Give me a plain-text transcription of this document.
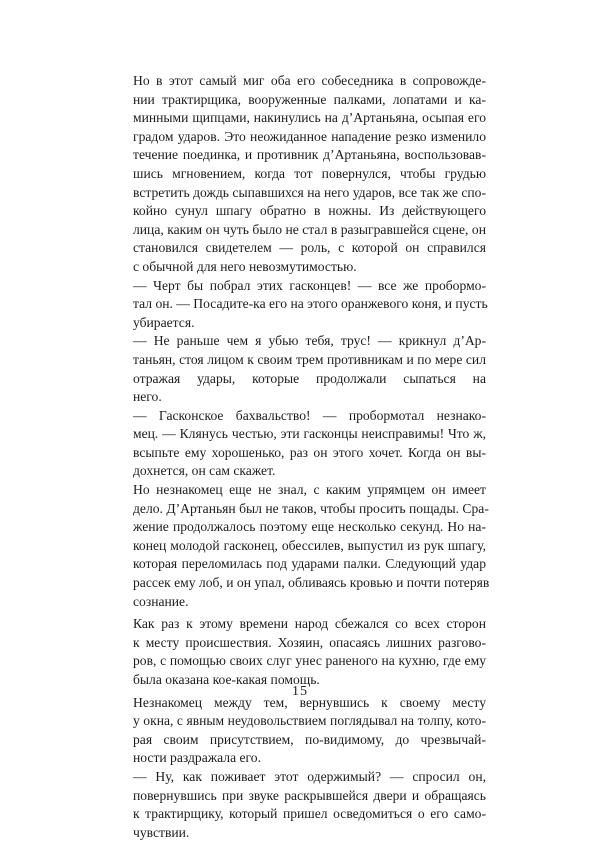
Но в этот самый миг оба его собеседника в сопровожде-
нии трактирщика, вооруженные палками, лопатами и ка-
минными щипцами, накинулись на д’Артаньяна, осыпая его
градом ударов. Это неожиданное нападение резко изменило
течение поединка, и противник д’Артаньяна, воспользовав-
шись мгновением, когда тот повернулся, чтобы грудью
встретить дождь сыпавшихся на него ударов, все так же спо-
койно сунул шпагу обратно в ножны. Из действующего
лица, каким он чуть было не стал в разыгравшейся сцене, он
становился свидетелем — роль, с которой он справился
с обычной для него невозмутимостью.

— Черт бы побрал этих гасконцев! — все же пробормо-
тал он. — Посадите-ка его на этого оранжевого коня, и пусть
убирается.

— Не раньше чем я убью тебя, трус! — крикнул д’Ар-
таньян, стоя лицом к своим трем противникам и по мере сил
отражая удары, которые продолжали сыпаться на
него.

— Гасконское бахвальство! — пробормотал незнако-
мец. — Клянусь честью, эти гасконцы неисправимы! Что ж,
всыпьте ему хорошенько, раз он этого хочет. Когда он вы-
дохнется, он сам скажет.

Но незнакомец еще не знал, с каким упрямцем он имеет
дело. Д’Артаньян был не таков, чтобы просить пощады. Сра-
жение продолжалось поэтому еще несколько секунд. Но на-
конец молодой гасконец, обессилев, выпустил из рук шпагу,
которая переломилась под ударами палки. Следующий удар
рассек ему лоб, и он упал, обливаясь кровью и почти потеряв
сознание.

Как раз к этому времени народ сбежался со всех сторон
к месту происшествия. Хозяин, опасаясь лишних разгово-
ров, с помощью своих слуг унес раненого на кухню, где ему
была оказана кое-какая помощь.

Незнакомец между тем, вернувшись к своему месту
у окна, с явным неудовольствием поглядывал на толпу, кото-
рая своим присутствием, по-видимому, до чрезвычай-
ности раздражала его.

— Ну, как поживает этот одержимый? — спросил он,
повернувшись при звуке раскрывшейся двери и обращаясь
к трактирщику, который пришел осведомиться о его само-
чувствии.

15
